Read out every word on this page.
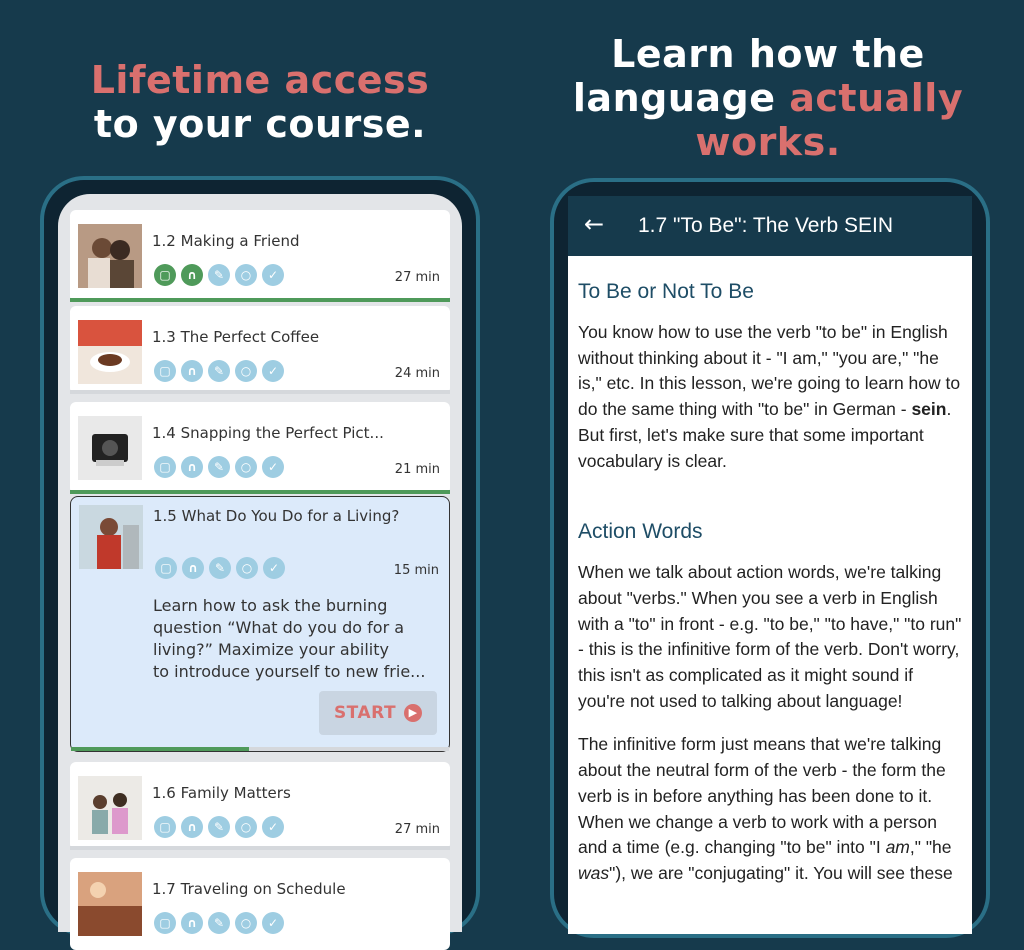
Lifetime access
to your course.
Learn how the
language actually
works.
1.2 Making a Friend
▢	∩	✎	○	✓	27 min
1.3 The Perfect Coffee
▢	∩	✎	○	✓	24 min
1.4 Snapping the Perfect Pict...
▢	∩	✎	○	✓	21 min
1.5 What Do You Do for a Living?
▢	∩	✎	○	✓	15 min
Learn how to ask the burning
question “What do you do for a
living?” Maximize your ability
to introduce yourself to new frie...
START	▶
1.6 Family Matters
▢	∩	✎	○	✓	27 min
1.7 Traveling on Schedule
▢	∩	✎	○	✓
← 1.7 "To Be": The Verb SEIN
To Be or Not To Be

You know how to use the verb "to be" in English without thinking about it - "I am," "you are," "he is," etc. In this lesson, we're going to learn how to do the same thing with "to be" in German - sein. But first, let's make sure that some important vocabulary is clear.

Action Words

When we talk about action words, we're talking about "verbs." When you see a verb in English with a "to" in front - e.g. "to be," "to have," "to run" - this is the infinitive form of the verb. Don't worry, this isn't as complicated as it might sound if you're not used to talking about language!

The infinitive form just means that we're talking about the neutral form of the verb - the form the verb is in before anything has been done to it. When we change a verb to work with a person and a time (e.g. changing "to be" into "I am," "he was"), we are "conjugating" it. You will see these
